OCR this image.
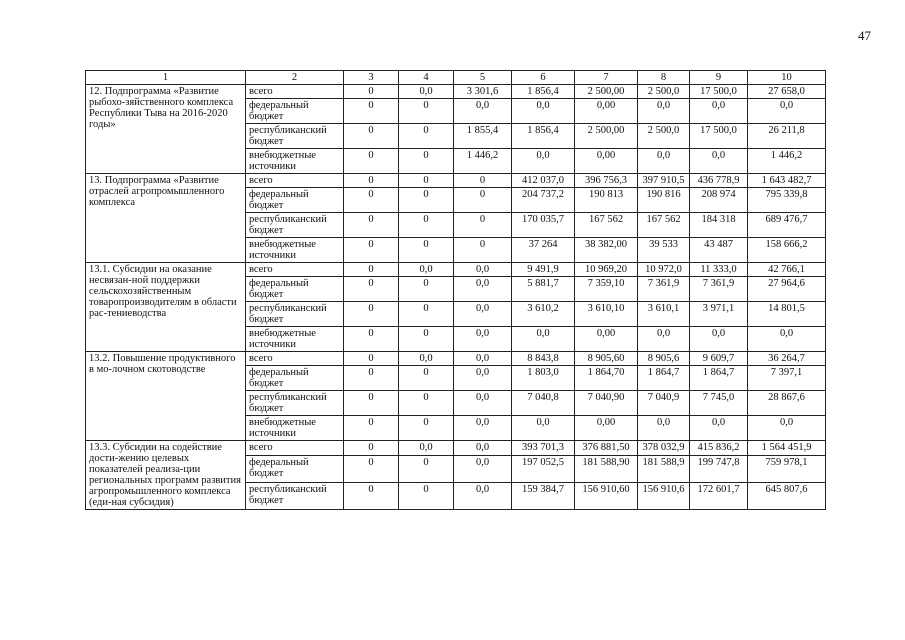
47
1	2	3	4	5	6	7	8	9	10
12. Подпрограмма «Развитие рыбохо-зяйственного комплекса Республики Тыва на 2016-2020 годы»	всего	0	0,0	3 301,6	1 856,4	2 500,00	2 500,0	17 500,0	27 658,0
	федеральный бюджет	0	0	0,0	0,0	0,00	0,0	0,0	0,0
	республиканский бюджет	0	0	1 855,4	1 856,4	2 500,00	2 500,0	17 500,0	26 211,8
	внебюджетные источники	0	0	1 446,2	0,0	0,00	0,0	0,0	1 446,2
13. Подпрограмма «Развитие отраслей агропромышленного комплекса	всего	0	0	0	412 037,0	396 756,3	397 910,5	436 778,9	1 643 482,7
	федеральный бюджет	0	0	0	204 737,2	190 813	190 816	208 974	795 339,8
	республиканский бюджет	0	0	0	170 035,7	167 562	167 562	184 318	689 476,7
	внебюджетные источники	0	0	0	37 264	38 382,00	39 533	43 487	158 666,2
13.1. Субсидии на оказание несвязан-ной поддержки сельскохозяйственным товаропроизводителям в области рас-тениеводства	всего	0	0,0	0,0	9 491,9	10 969,20	10 972,0	11 333,0	42 766,1
	федеральный бюджет	0	0	0,0	5 881,7	7 359,10	7 361,9	7 361,9	27 964,6
	республиканский бюджет	0	0	0,0	3 610,2	3 610,10	3 610,1	3 971,1	14 801,5
	внебюджетные источники	0	0	0,0	0,0	0,00	0,0	0,0	0,0
13.2. Повышение продуктивного в мо-лочном скотоводстве	всего	0	0,0	0,0	8 843,8	8 905,60	8 905,6	9 609,7	36 264,7
	федеральный бюджет	0	0	0,0	1 803,0	1 864,70	1 864,7	1 864,7	7 397,1
	республиканский бюджет	0	0	0,0	7 040,8	7 040,90	7 040,9	7 745,0	28 867,6
	внебюджетные источники	0	0	0,0	0,0	0,00	0,0	0,0	0,0
13.3. Субсидии на содействие дости-жению целевых показателей реализа-ции региональных программ развития агропромышленного комплекса (еди-ная субсидия)	всего	0	0,0	0,0	393 701,3	376 881,50	378 032,9	415 836,2	1 564 451,9
	федеральный бюджет	0	0	0,0	197 052,5	181 588,90	181 588,9	199 747,8	759 978,1
	республиканский бюджет	0	0	0,0	159 384,7	156 910,60	156 910,6	172 601,7	645 807,6
